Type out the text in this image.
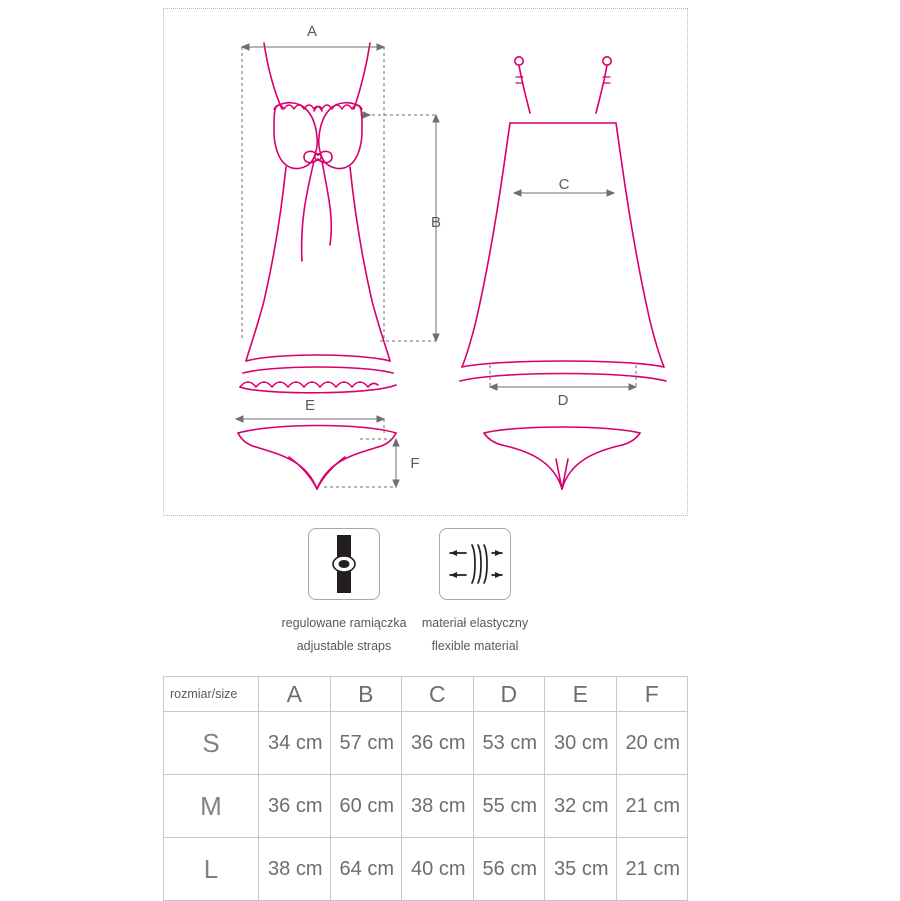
A
B
C
D
E
F
regulowane ramiączka
adjustable straps
materiał elastyczny
flexible material
rozmiar/size	A	B	C	D	E	F
S	34 cm	57 cm	36 cm	53 cm	30 cm	20 cm
M	36 cm	60 cm	38 cm	55 cm	32 cm	21 cm
L	38 cm	64 cm	40 cm	56 cm	35 cm	21 cm
